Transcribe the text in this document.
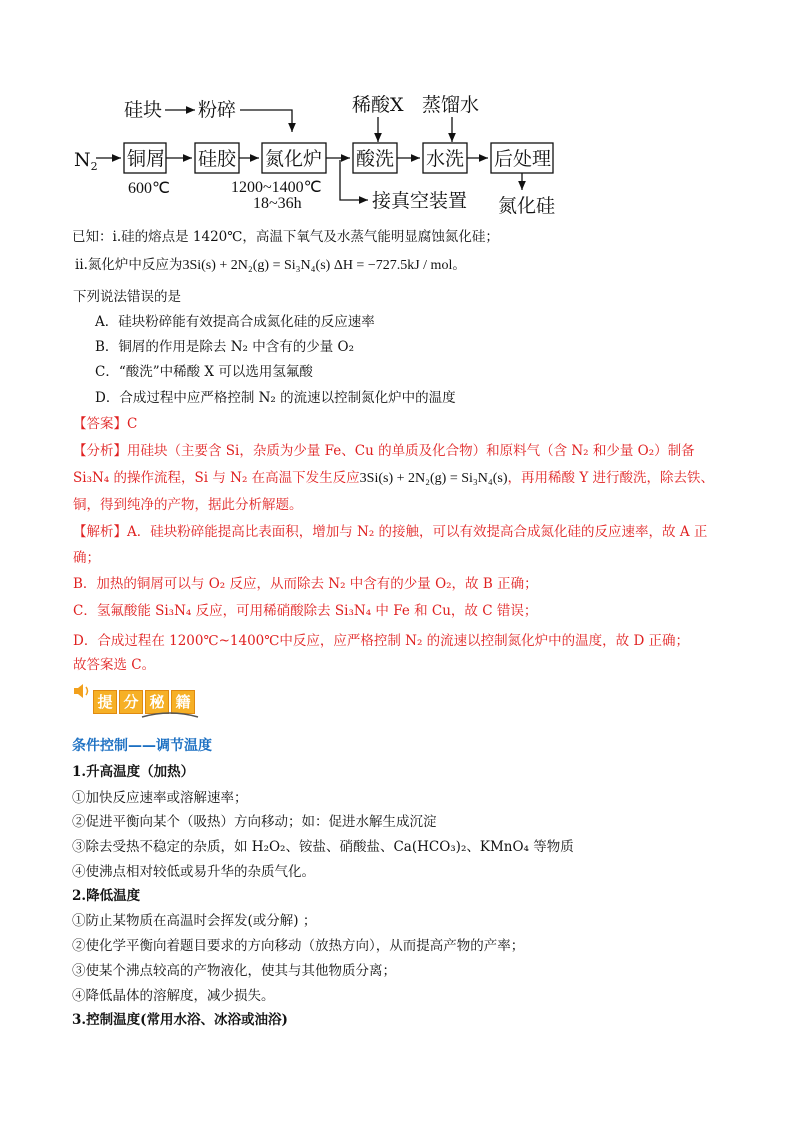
硅块 粉碎	稀酸X 蒸馏水
$N_2$ 铜屑 硅胶 氮化炉 酸洗 水洗 后处理
接真空装置 氮化硅
600℃	1200~1400℃
18~36h
已知：ⅰ.硅的熔点是 1420℃，高温下氧气及水蒸气能明显腐蚀氮化硅；
ⅱ.氮化炉中反应为3Si(s) + 2N₂(g) = Si₃N₄(s) ΔH = −727.5kJ / mol。
下列说法错误的是
A．硅块粉碎能有效提高合成氮化硅的反应速率
B．铜屑的作用是除去 N₂ 中含有的少量 O₂
C．“酸洗”中稀酸 X 可以选用氢氟酸
D．合成过程中应严格控制 N₂ 的流速以控制氮化炉中的温度
【答案】C
【分析】用硅块（主要含 Si，杂质为少量 Fe、Cu 的单质及化合物）和原料气（含 N₂ 和少量 O₂）制备
Si₃N₄ 的操作流程，Si 与 N₂ 在高温下发生反应3Si(s) + 2N₂(g) = Si₃N₄(s)，再用稀酸 Y 进行酸洗，除去铁、
铜，得到纯净的产物，据此分析解题。
【解析】A．硅块粉碎能提高比表面积，增加与 N₂ 的接触，可以有效提高合成氮化硅的反应速率，故 A 正
确；
B．加热的铜屑可以与 O₂ 反应，从而除去 N₂ 中含有的少量 O₂，故 B 正确；
C．氢氟酸能 Si₃N₄ 反应，可用稀硝酸除去 Si₃N₄ 中 Fe 和 Cu，故 C 错误；
D．合成过程在 1200℃~1400℃中反应，应严格控制 N₂ 的流速以控制氮化炉中的温度，故 D 正确；
故答案选 C。
提 分 秘 籍
条件控制——调节温度
1.升高温度（加热）
①加快反应速率或溶解速率；
②促进平衡向某个（吸热）方向移动；如：促进水解生成沉淀
③除去受热不稳定的杂质，如 H₂O₂、铵盐、硝酸盐、Ca(HCO₃)₂、KMnO₄ 等物质
④使沸点相对较低或易升华的杂质气化。
2.降低温度
①防止某物质在高温时会挥发(或分解) ；
②使化学平衡向着题目要求的方向移动（放热方向），从而提高产物的产率；
③使某个沸点较高的产物液化，使其与其他物质分离；
④降低晶体的溶解度，减少损失。
3.控制温度(常用水浴、冰浴或油浴)
